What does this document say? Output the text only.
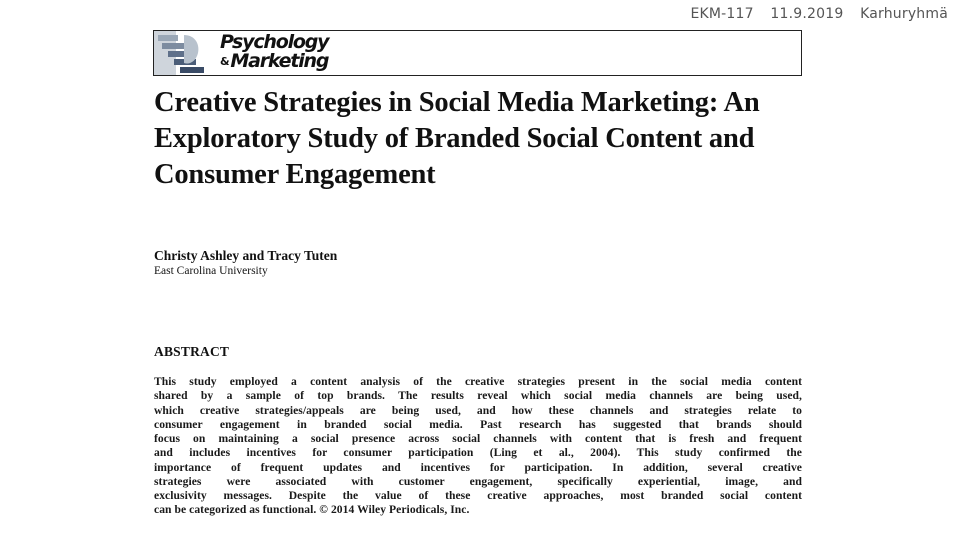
EKM-117 11.9.2019 Karhuryhmä
Psychology
& Marketing
Creative Strategies in Social Media Marketing: An Exploratory Study of Branded Social Content and Consumer Engagement
Christy Ashley and Tracy Tuten
East Carolina University
ABSTRACT
This study employed a content analysis of the creative strategies present in the social media content
shared by a sample of top brands. The results reveal which social media channels are being used,
which creative strategies/appeals are being used, and how these channels and strategies relate to
consumer engagement in branded social media. Past research has suggested that brands should
focus on maintaining a social presence across social channels with content that is fresh and frequent
and includes incentives for consumer participation (Ling et al., 2004). This study confirmed the
importance of frequent updates and incentives for participation. In addition, several creative
strategies were associated with customer engagement, specifically experiential, image, and
exclusivity messages. Despite the value of these creative approaches, most branded social content
can be categorized as functional. © 2014 Wiley Periodicals, Inc.
